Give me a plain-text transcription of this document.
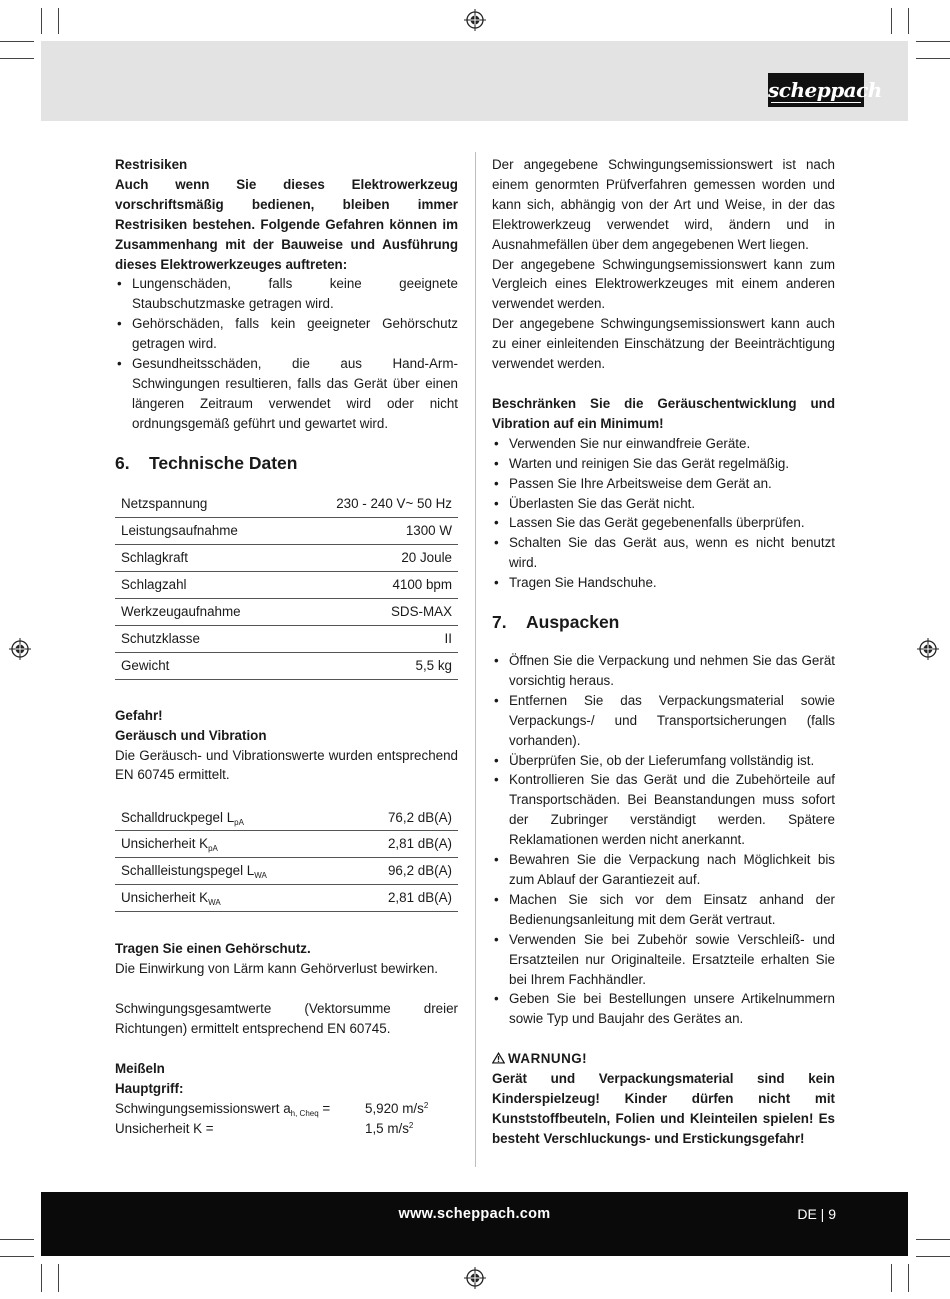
scheppach

Restrisiken

Auch wenn Sie dieses Elektrowerkzeug vorschriftsmäßig bedienen, bleiben immer Restrisiken bestehen. Folgende Gefahren können im Zusammenhang mit der Bauweise und Ausführung dieses Elektrowerkzeuges auftreten:

• Lungenschäden, falls keine geeignete Staubschutzmaske getragen wird.
• Gehörschäden, falls kein geeigneter Gehörschutz getragen wird.
• Gesundheitsschäden, die aus Hand-Arm-Schwingungen resultieren, falls das Gerät über einen längeren Zeitraum verwendet wird oder nicht ordnungsgemäß geführt und gewartet wird.
6. Technische Daten
Netzspannung	230 - 240 V~ 50 Hz
Leistungsaufnahme	1300 W
Schlagkraft	20 Joule
Schlagzahl	4100 bpm
Werkzeugaufnahme	SDS-MAX
Schutzklasse	II
Gewicht	5,5 kg

Gefahr!

Geräusch und Vibration

Die Geräusch- und Vibrationswerte wurden entsprechend EN 60745 ermittelt.

Schalldruckpegel $L_{pA}$	76,2 dB(A)
Unsicherheit $K_{pA}$	2,81 dB(A)
Schallleistungspegel $L_{WA}$	96,2 dB(A)
Unsicherheit $K_{WA}$	2,81 dB(A)

Tragen Sie einen Gehörschutz.

Die Einwirkung von Lärm kann Gehörverlust bewirken.

Schwingungsgesamtwerte (Vektorsumme dreier Richtungen) ermittelt entsprechend EN 60745.

Meißeln

Hauptgriff:

Schwingungsemissionswert $a_{h, Cheq}$ =	5,920 $m/s^2$
Unsicherheit K =	1,5 $m/s^2$

Der angegebene Schwingungsemissionswert ist nach einem genormten Prüfverfahren gemessen worden und kann sich, abhängig von der Art und Weise, in der das Elektrowerkzeug verwendet wird, ändern und in Ausnahmefällen über dem angegebenen Wert liegen.

Der angegebene Schwingungsemissionswert kann zum Vergleich eines Elektrowerkzeuges mit einem anderen verwendet werden.

Der angegebene Schwingungsemissionswert kann auch zu einer einleitenden Einschätzung der Beeinträchtigung verwendet werden.

Beschränken Sie die Geräuschentwicklung und Vibration auf ein Minimum!

• Verwenden Sie nur einwandfreie Geräte.
• Warten und reinigen Sie das Gerät regelmäßig.
• Passen Sie Ihre Arbeitsweise dem Gerät an.
• Überlasten Sie das Gerät nicht.
• Lassen Sie das Gerät gegebenenfalls überprüfen.
• Schalten Sie das Gerät aus, wenn es nicht benutzt wird.
• Tragen Sie Handschuhe.
7. Auspacken
• Öffnen Sie die Verpackung und nehmen Sie das Gerät vorsichtig heraus.
• Entfernen Sie das Verpackungsmaterial sowie Verpackungs-/ und Transportsicherungen (falls vorhanden).
• Überprüfen Sie, ob der Lieferumfang vollständig ist.
• Kontrollieren Sie das Gerät und die Zubehörteile auf Transportschäden. Bei Beanstandungen muss sofort der Zubringer verständigt werden. Spätere Reklamationen werden nicht anerkannt.
• Bewahren Sie die Verpackung nach Möglichkeit bis zum Ablauf der Garantiezeit auf.
• Machen Sie sich vor dem Einsatz anhand der Bedienungsanleitung mit dem Gerät vertraut.
• Verwenden Sie bei Zubehör sowie Verschleiß- und Ersatzteilen nur Originalteile. Ersatzteile erhalten Sie bei Ihrem Fachhändler.
• Geben Sie bei Bestellungen unsere Artikelnummern sowie Typ und Baujahr des Gerätes an.

WARNUNG!

Gerät und Verpackungsmaterial sind kein Kinderspielzeug! Kinder dürfen nicht mit Kunststoffbeuteln, Folien und Kleinteilen spielen! Es besteht Verschluckungs- und Erstickungsgefahr!

www.scheppach.com	DE | 9
